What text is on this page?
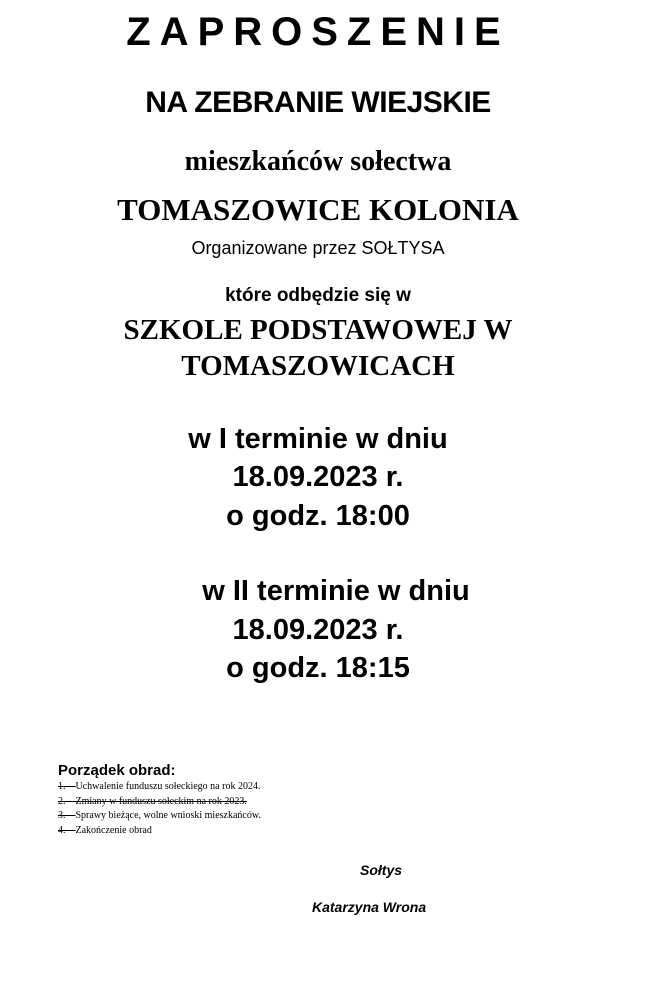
ZAPROSZENIE
NA ZEBRANIE WIEJSKIE
mieszkańców sołectwa
TOMASZOWICE KOLONIA
Organizowane przez SOŁTYSA
które odbędzie się w
SZKOLE PODSTAWOWEJ W
TOMASZOWICACH
w I terminie w dniu
18.09.2023 r.
o godz. 18:00
w II terminie w dniu
18.09.2023 r.
o godz. 18:15
Porządek obrad:
1.—Uchwalenie funduszu sołeckiego na rok 2024.
2.—Zmiany w funduszu sołeckim na rok 2023.
3.—Sprawy bieżące, wolne wnioski mieszkańców.
4.—Zakończenie obrad
Sołtys
Katarzyna Wrona
